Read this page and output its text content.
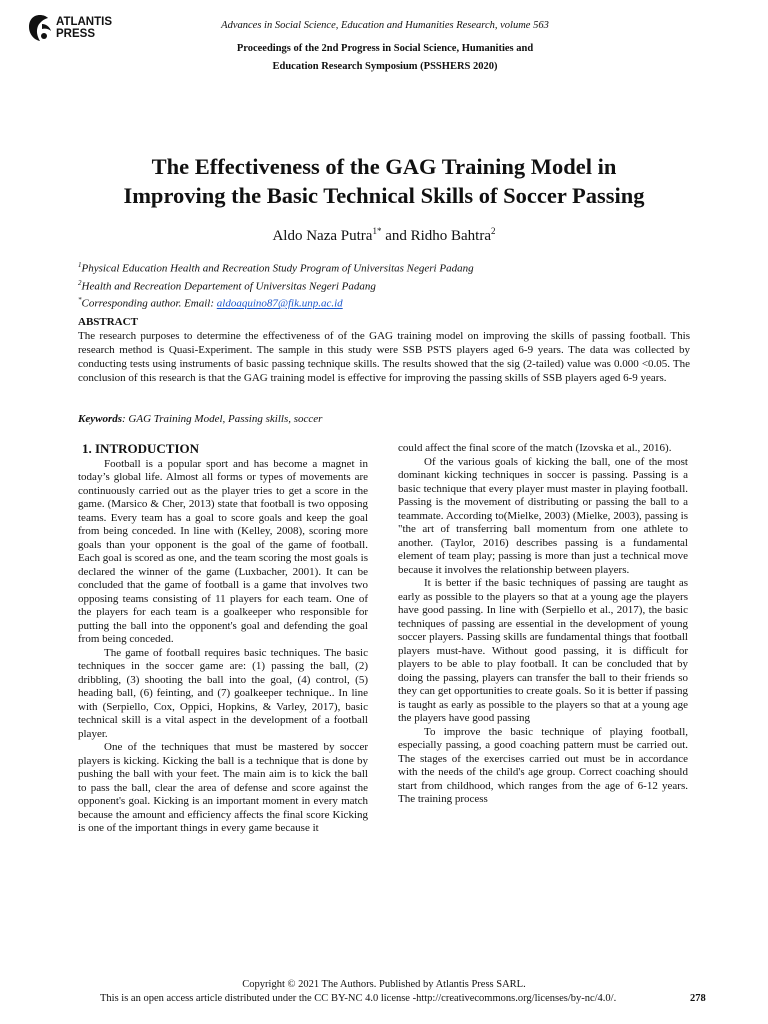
ATLANTIS
PRESS
Advances in Social Science, Education and Humanities Research, volume 563
Proceedings of the 2nd Progress in Social Science, Humanities and
Education Research Symposium (PSSHERS 2020)
The Effectiveness of the GAG Training Model in
Improving the Basic Technical Skills of Soccer Passing
Aldo Naza Putra$^{1*}$ and Ridho Bahtra$^2$
$^1$Physical Education Health and Recreation Study Program of Universitas Negeri Padang
$^2$Health and Recreation Departement of Universitas Negeri Padang
*Corresponding author. Email: aldoaquino87@fik.unp.ac.id
ABSTRACT
The research purposes to determine the effectiveness of of the GAG training model on improving the skills of passing football. This research method is Quasi-Experiment. The sample in this study were SSB PSTS players aged 6-9 years. The data was collected by conducting tests using instruments of basic passing technique skills. The results showed that the sig (2-tailed) value was 0.000 <0.05. The conclusion of this research is that the GAG training model is effective for improving the passing skills of SSB players aged 6-9 years.
Keywords: GAG Training Model, Passing skills, soccer
1. INTRODUCTION

Football is a popular sport and has become a magnet in today’s global life. Almost all forms or types of movements are continuously carried out as the player tries to get a score in the game. (Marsico & Cher, 2013) state that football is two opposing teams. Every team has a goal to score goals and keep the goal from being conceded. In line with (Kelley, 2008), scoring more goals than your opponent is the goal of the game of football. Each goal is scored as one, and the team scoring the most goals is declared the winner of the game (Luxbacher, 2001). It can be concluded that the game of football is a game that involves two opposing teams consisting of 11 players for each team. One of the players for each team is a goalkeeper who responsible for putting the ball into the opponent's goal and defending the goal from being conceded.

The game of football requires basic techniques. The basic techniques in the soccer game are: (1) passing the ball, (2) dribbling, (3) shooting the ball into the goal, (4) control, (5) heading ball, (6) feinting, and (7) goalkeeper technique.. In line with (Serpiello, Cox, Oppici, Hopkins, & Varley, 2017), basic technical skill is a vital aspect in the development of a football player.

One of the techniques that must be mastered by soccer players is kicking. Kicking the ball is a technique that is done by pushing the ball with your feet. The main aim is to kick the ball to pass the ball, clear the area of defense and score against the opponent's goal. Kicking is an important moment in every match because the amount and efficiency affects the final score Kicking is one of the important things in every game because it

could affect the final score of the match (Izovska et al., 2016).

Of the various goals of kicking the ball, one of the most dominant kicking techniques in soccer is passing. Passing is a basic technique that every player must master in playing football. Passing is the movement of distributing or passing the ball to a teammate. According to(Mielke, 2003) (Mielke, 2003), passing is "the art of transferring ball momentum from one athlete to another. (Taylor, 2016) describes passing is a fundamental element of team play; passing is more than just a technical move because it involves the relationship between players.

It is better if the basic techniques of passing are taught as early as possible to the players so that at a young age the players have good passing. In line with (Serpiello et al., 2017), the basic techniques of passing are essential in the development of young soccer players. Passing skills are fundamental things that football players must-have. Without good passing, it is difficult for players to be able to play football. It can be concluded that by doing the passing, players can transfer the ball to their friends so they can get opportunities to create goals. So it is better if passing is taught as early as possible to the players so that at a young age the players have good passing

To improve the basic technique of playing football, especially passing, a good coaching pattern must be carried out. The stages of the exercises carried out must be in accordance with the needs of the child's age group. Correct coaching should start from childhood, which ranges from the age of 6-12 years. The training process

Copyright © 2021 The Authors. Published by Atlantis Press SARL.
This is an open access article distributed under the CC BY-NC 4.0 license -http://creativecommons.org/licenses/by-nc/4.0/.	278
